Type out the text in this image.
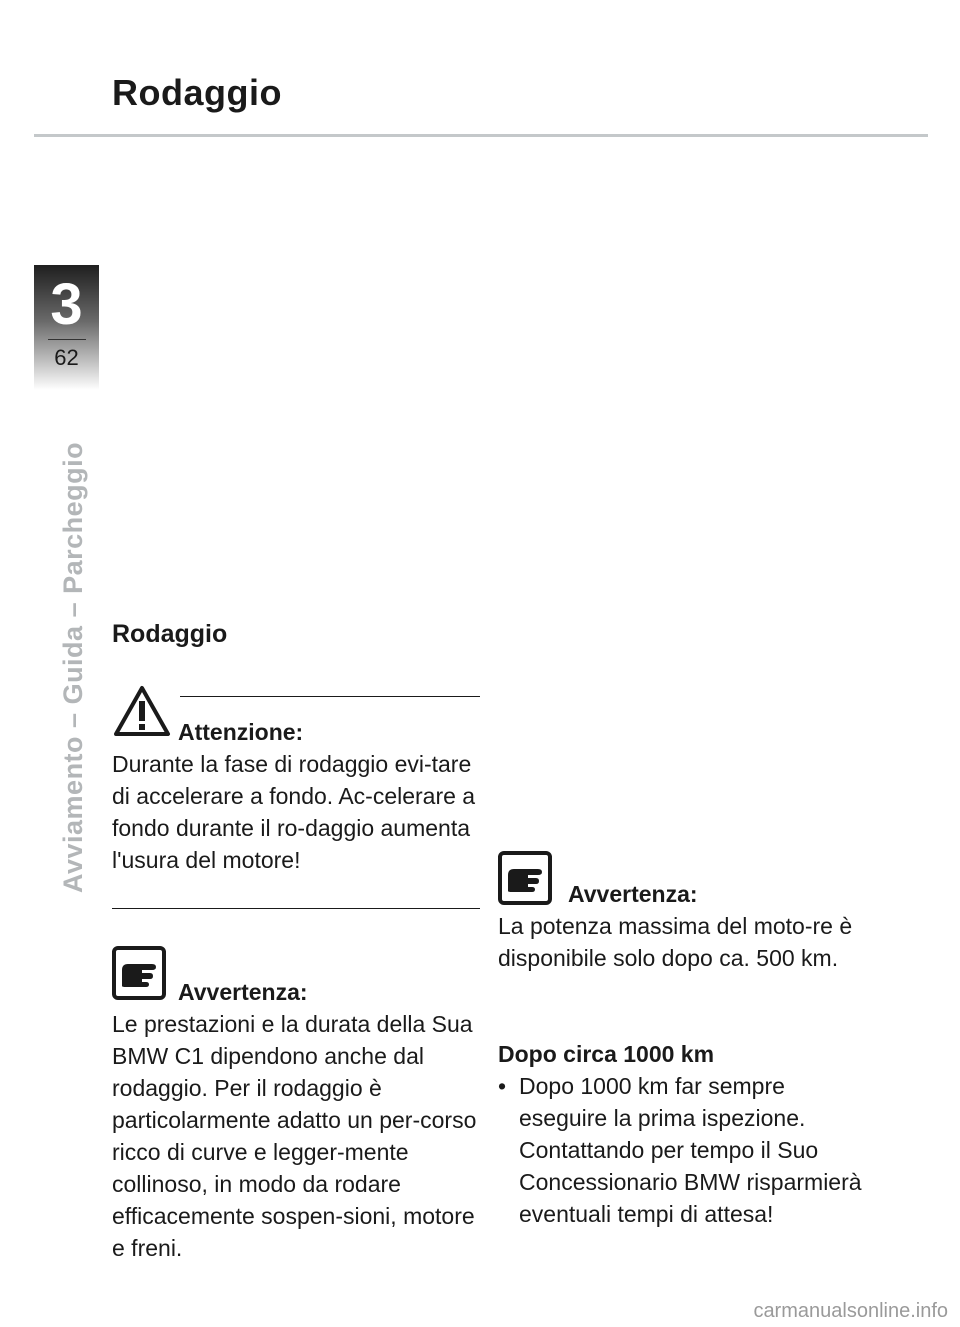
Rodaggio
3
62
Avviamento – Guida – Parcheggio Rodaggio
Attenzione:

Durante la fase di rodaggio evi-tare di accelerare a fondo. Ac-celerare a fondo durante il ro-daggio aumenta l'usura del motore!

Avvertenza:

Le prestazioni e la durata della Sua BMW C1 dipendono anche dal rodaggio. Per il rodaggio è particolarmente adatto un per-corso ricco di curve e legger-mente collinoso, in modo da rodare efficacemente sospen-sioni, motore e freni.

Avvertenza:

La potenza massima del moto-re è disponibile solo dopo ca. 500 km.

Dopo circa 1000 km
• Dopo 1000 km far sempre eseguire la prima ispezione. Contattando per tempo il Suo Concessionario BMW risparmierà eventuali tempi di attesa!
carmanualsonline.info
